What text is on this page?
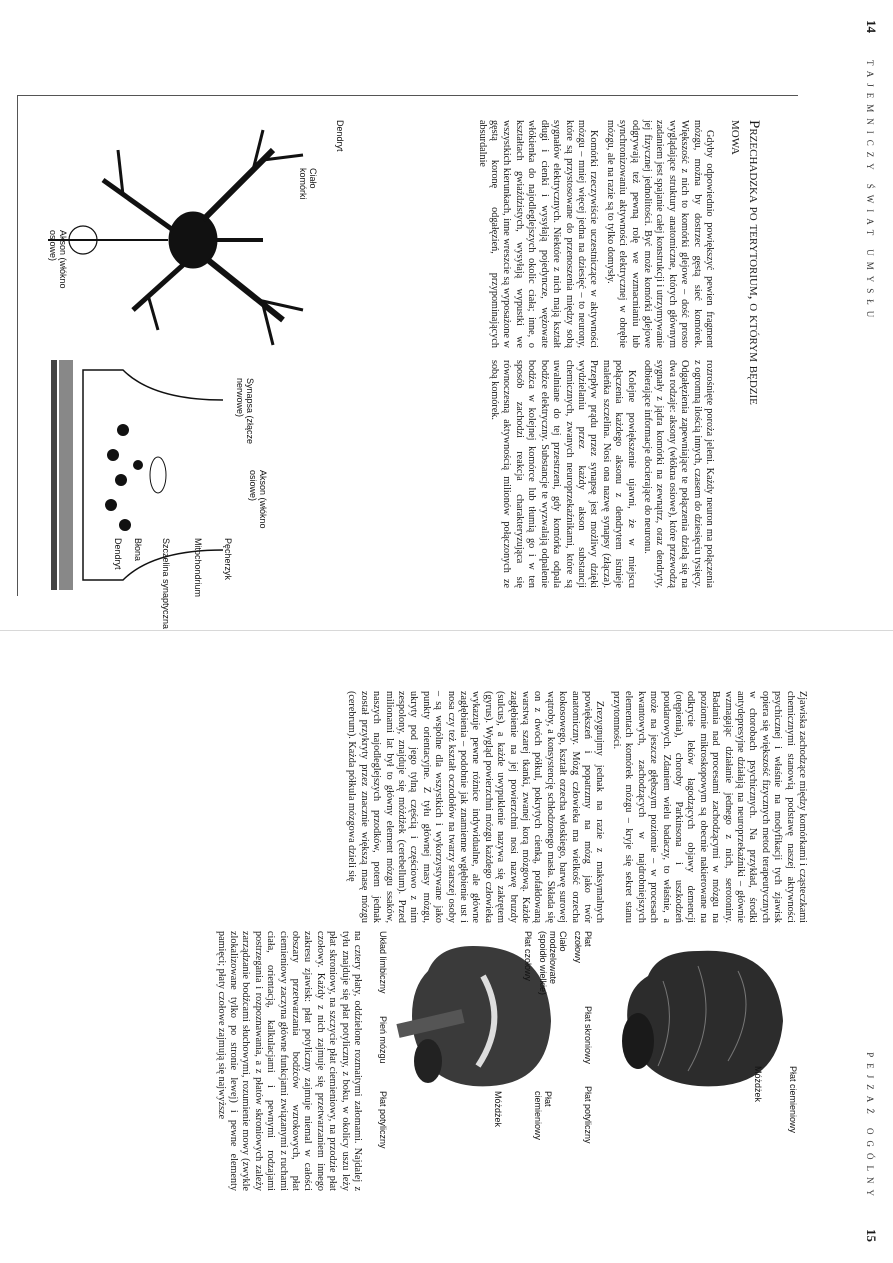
14
TAJEMNICZY ŚWIAT UMYSŁU
Przechadzka po terytorium, o którym będzie mowa

Gdyby odpowiednio powiększyć pewien fragment mózgu, można by dostrzec gęstą sieć komórek. Większość z nich to komórki glejowe – dość prosto wyglądające struktury anatomiczne, których głównym zadaniem jest spajanie całej konstrukcji i utrzymywanie jej fizycznej jednolitości. Być może komórki glejowe odgrywają też pewną rolę we wzmacnianiu lub synchronizowaniu aktywności elektrycznej w obrębie mózgu, ale na razie są to tylko domysły.

Komórki rzeczywiście uczestniczące w aktywności mózgu – mniej więcej jedna na dziesięć – to neurony, które są przystosowane do przenoszenia między sobą sygnałów elektrycznych. Niektóre z nich mają kształt długi i cienki i wysyłają pojedyncze, wężowate włókienka do najodleglejszych okolic ciała; inne, o kształtach gwiaździstych, wysyłają wypustki we wszystkich kierunkach, inne wreszcie są wyposażone w gęstą koronę odgałęzień, przypominających absurdalnie

rozrośnięte poroża jeleni. Każdy neuron ma połączenia z ogromną ilością innych, czasem do dziesięciu tysięcy. Odgałęzienia zapewniające te połączenia dzielą się na dwa rodzaje: aksony (włókna osiowe), które przewodzą sygnały z jądra komórki na zewnątrz, oraz dendryty, odbierające informacje docierające do neuronu.

Kolejne powiększenie ujawni, że w miejscu połączenia każdego aksonu z dendrytem istnieje maleńka szczelina. Nosi ona nazwę synapsy (złącza). Przepływ prądu przez synapsę jest możliwy dzięki wydzielaniu przez każdy akson substancji chemicznych, zwanych neuroprzekaźnikami, które są uwalniane do tej przestrzeni, gdy komórka odpala bodźce elektryczny. Substancje te wyzwalają odpalenie bodźca w kolejnej komórce lub tłumią go i w ten sposób zachodzi reakcja charakteryzująca się równoczesną aktywnością milionów połączonych ze sobą komórek.

Dendryt
Ciało komórki
Akson (włókno osiowe)
Synapsa (złącze nerwowe)
Akson (włókno osiowe)
Pęcherzyk
Mitochondrium
Szczelina synaptyczna
Błona
Dendryt
15
PEJZAŻ OGÓLNY

Zjawiska zachodzące między komórkami i cząsteczkami chemicznymi stanowią podstawę naszej aktywności psychicznej i właśnie na modyfikacji tych zjawisk opiera się większość fizycznych metod terapeutycznych w chorobach psychicznych. Na przykład, środki antydepresyjne działają na neuroprzekaźniki – głównie wzmagając działanie jednego z nich, serotoniny. Badania nad procesami zachodzącymi w mózgu na poziomie mikroskopowym są obecnie nakierowane na odkrycie leków łagodzących objawy demencji (otępienia), choroby Parkinsona i uszkodzeń poudarowych. Zdaniem wielu badaczy, to właśnie, a może na jeszcze głębszym poziomie – w procesach kwantowych, zachodzących w najdrobniejszych elementach komórek mózgu – kryje się sekret stanu przytomności.

Zrezygnujmy jednak na razie z maksymalnych powiększeń i popatrzmy na mózg jako twór anatomiczny. Mózg człowieka ma wielkość orzecha kokosowego, kształt orzecha włoskiego, barwę surowej wątroby, a konsystencję schłodzonego masła. Składa się on z dwóch półkul, pokrytych cienką, pofałdowaną warstwą szarej tkanki, zwanej korą mózgową. Każde zagłębienie na jej powierzchni nosi nazwę bruzdy (sulcus), a każde uwypuklenie nazywa się zakrętem (gyrus). Wygląd powierzchni mózgu każdego człowieka wykazuje pewne różnice indywidualne, ale główne zagłębienia – podobnie jak znamienne wgłębienie ust i nosa czy też kształt oczodołów na twarzy starszej osoby – są wspólne dla wszystkich i wykorzystywane jako punkty orientacyjne. Z tyłu głównej masy mózgu, ukryty pod jego tylną częścią i częściowo z nim zespolony, znajduje się móżdżek (cerebellum). Przed milionami lat był to główny element mózgu ssaków, naszych najodleglejszych przodków, potem jednak został przykryty przez znacznie większą masę mózgu (cerebrum). Każda półkula mózgowa dzieli się

Płat ciemieniowy
Móżdżek
Płat czołowy
Płat skroniowy
Płat potyliczny
Ciało modzelowate (spoidło wielkie)
Płat czołowy
Układ limbiczny
Pień mózgu
Płat ciemieniowy
Móżdżek
Płat potyliczny

na cztery płaty, oddzielone rozmaitymi załomami. Najdalej z tyłu znajduje się płat potyliczny, z boku, w okolicy uszu leży płat skroniowy, na szczycie płat ciemieniowy, na przodzie płat czołowy. Każdy z nich zajmuje się przetwarzaniem innego zakresu zjawisk: płat potyliczny zajmuje niemal w całości obszary przetwarzania bodźców wzrokowych, płat ciemieniowy zaczyna główne funkcjami związanymi z ruchami ciała, orientacją, kalkulacjami i pewnymi rodzajami postrzegania i rozpoznawania, a z płatów skroniowych zależy zarządzanie bodźcami słuchowymi, rozumienie mowy (zwykle zlokalizowane tylko po stronie lewej) i pewne elementy pamięci; płaty czołowe zajmują się najwyższe
